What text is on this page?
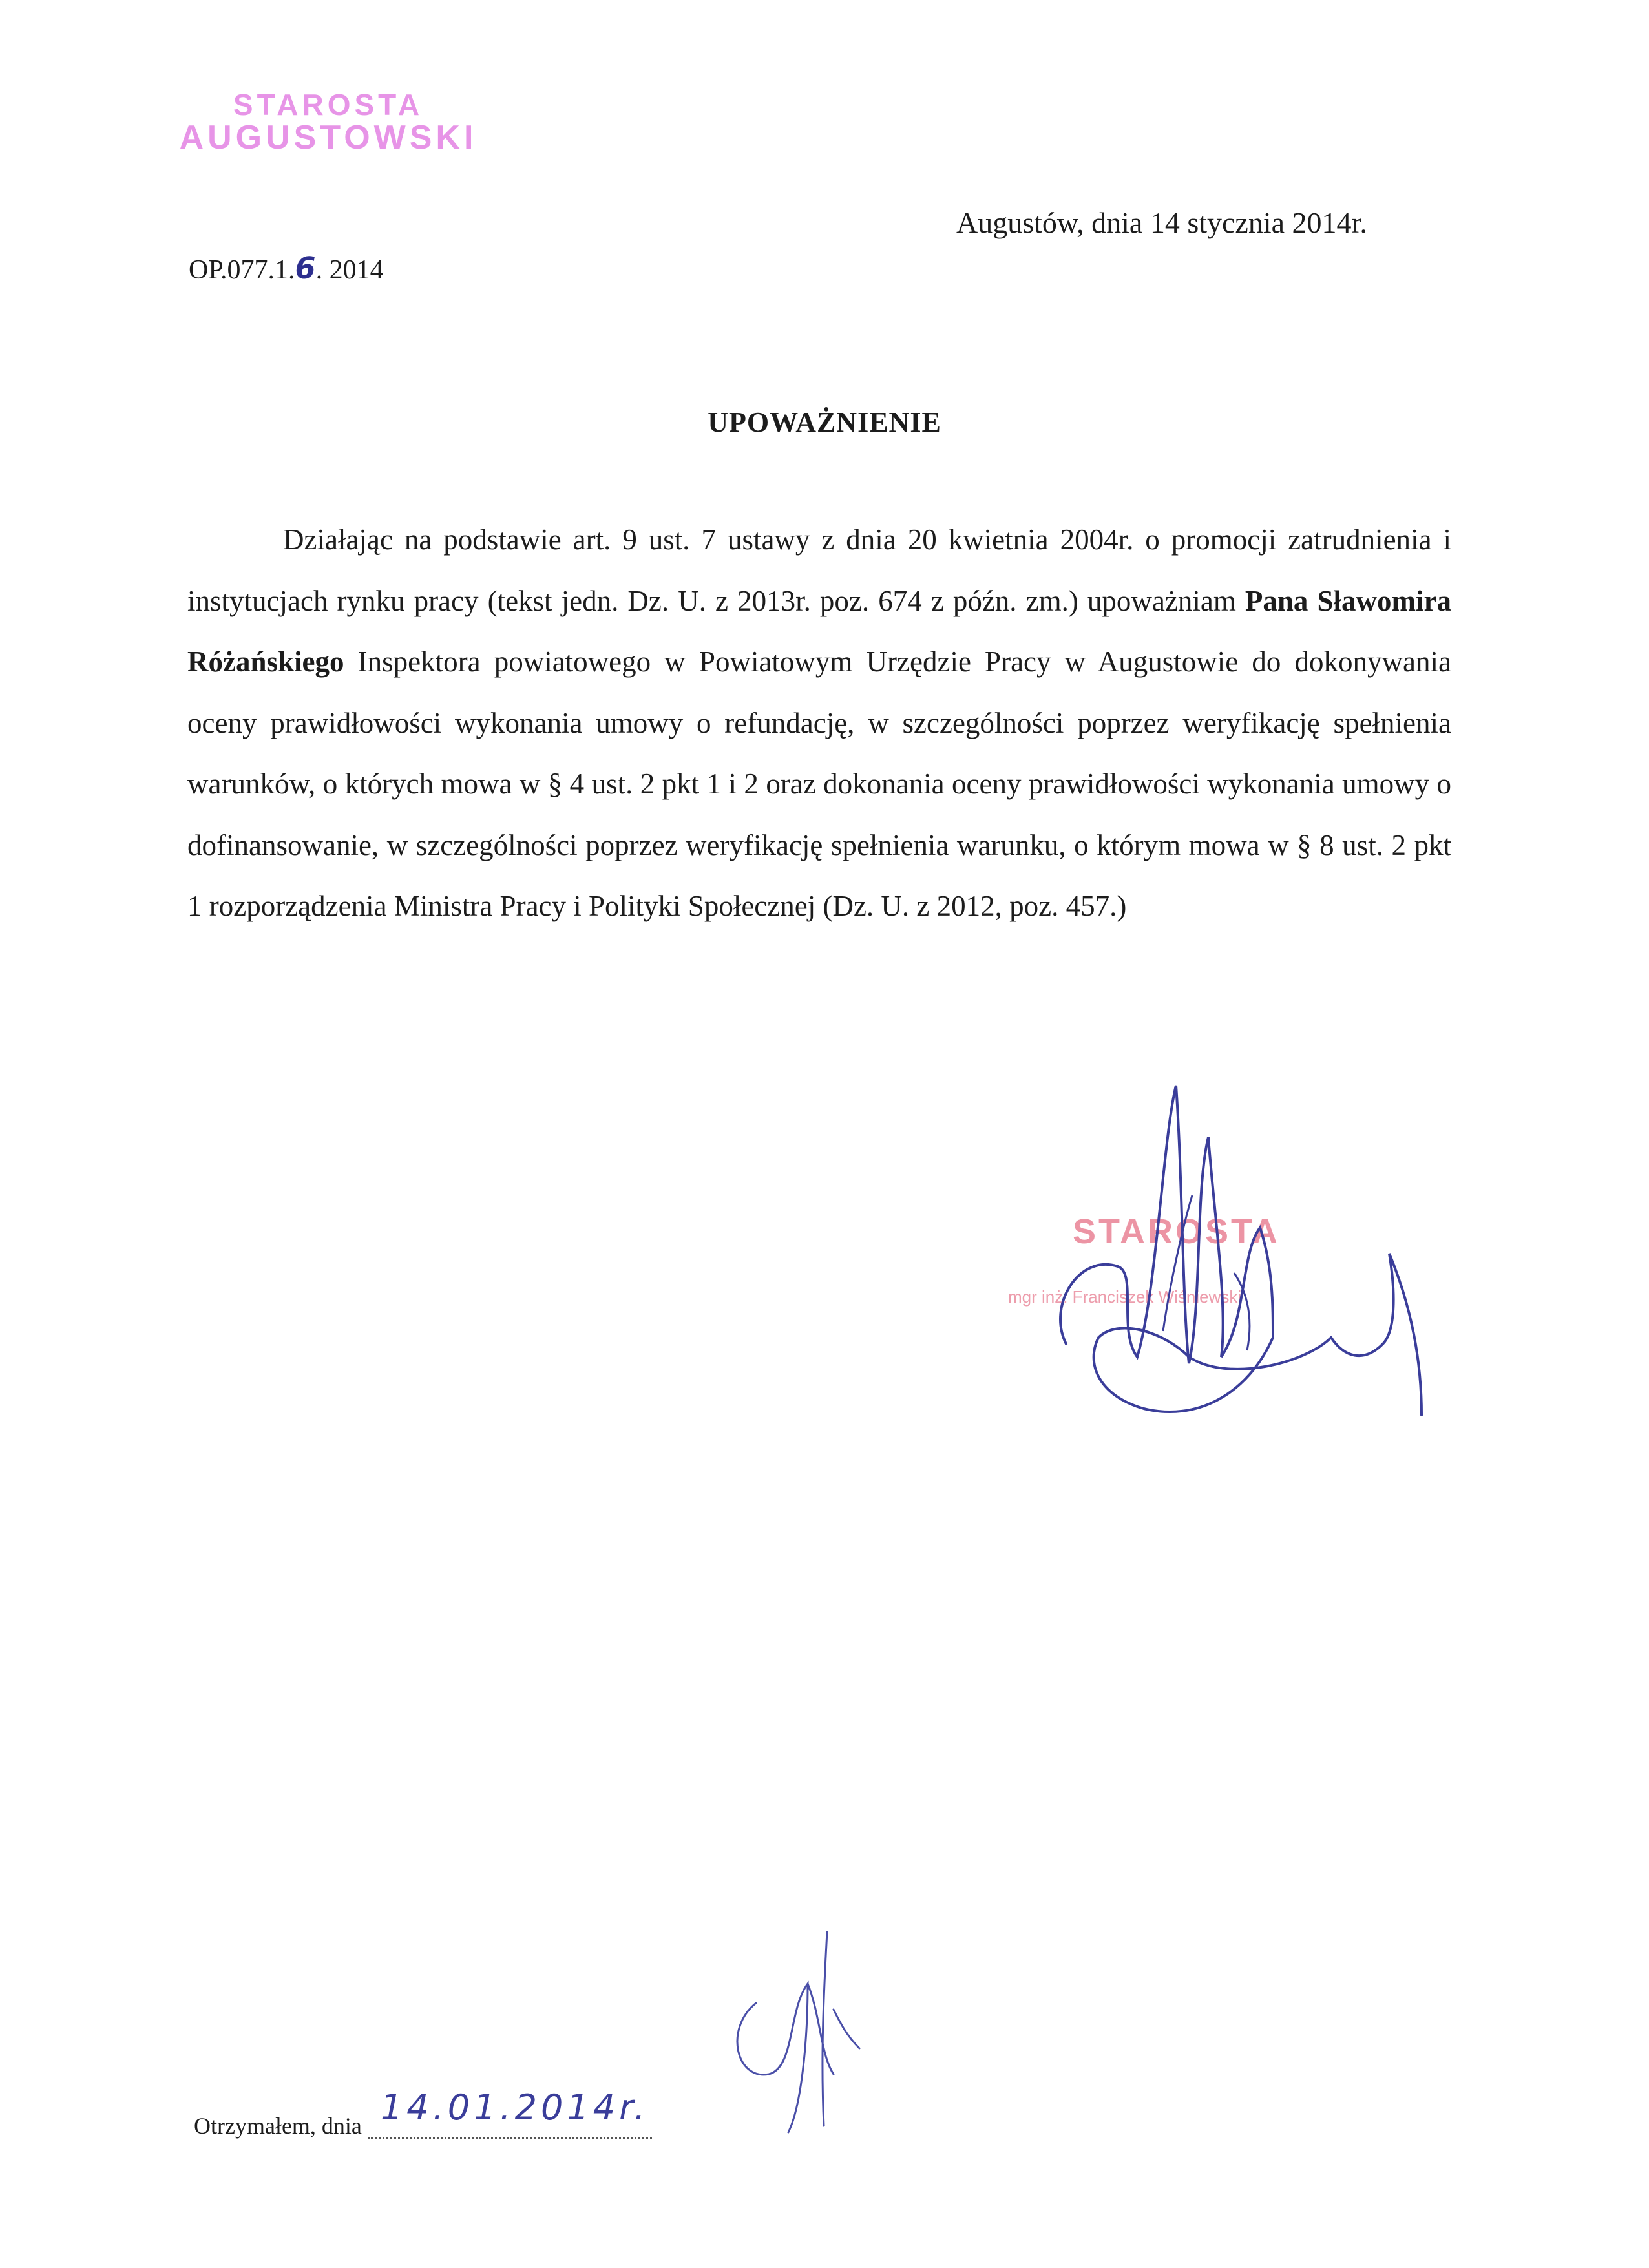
STAROSTA
AUGUSTOWSKI
Augustów, dnia 14 stycznia 2014r.
OP.077.1.6. 2014
UPOWAŻNIENIE
Działając na podstawie art. 9 ust. 7 ustawy z dnia 20 kwietnia 2004r. o promocji zatrudnienia i instytucjach rynku pracy (tekst jedn. Dz. U. z 2013r. poz. 674 z późn. zm.) upoważniam Pana Sławomira Różańskiego Inspektora powiatowego w Powiatowym Urzędzie Pracy w Augustowie do dokonywania oceny prawidłowości wykonania umowy o refundację, w szczególności poprzez weryfikację spełnienia warunków, o których mowa w § 4 ust. 2 pkt 1 i 2 oraz dokonania oceny prawidłowości wykonania umowy o dofinansowanie, w szczególności poprzez weryfikację spełnienia warunku, o którym mowa w § 8 ust. 2 pkt 1 rozporządzenia Ministra Pracy i Polityki Społecznej (Dz. U. z 2012, poz. 457.)
STAROSTA
mgr inż. Franciszek Wiśniewski
Otrzymałem, dnia 14.01.2014r.
